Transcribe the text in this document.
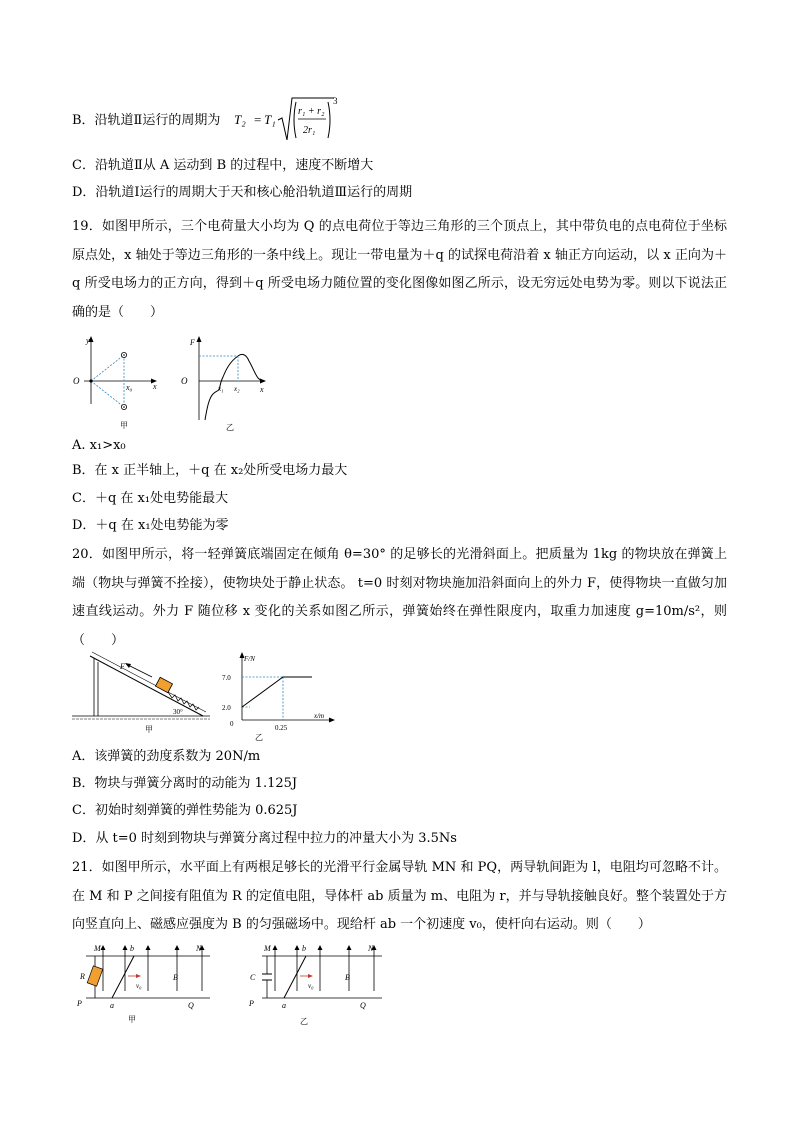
B．沿轨道Ⅱ运行的周期为	T₂ = T₁
r₁ + r₂
2r₁
3
C．沿轨道Ⅱ从 A 运动到 B 的过程中，速度不断增大
D．沿轨道Ⅰ运行的周期大于天和核心舱沿轨道Ⅲ运行的周期
19．如图甲所示，三个电荷量大小均为 Q 的点电荷位于等边三角形的三个顶点上，其中带负电的点电荷位于坐标原点处，x 轴处于等边三角形的一条中线上。现让一带电量为＋q 的试探电荷沿着 x 轴正方向运动，以 x 正向为＋q 所受电场力的正方向，得到＋q 所受电场力随位置的变化图像如图乙所示，设无穷远处电势为零。则以下说法正确的是（　　）
y
x
O
x₀
甲
F
O
x
x₁ x₂
乙
A. x₁>x₀
B．在 x 正半轴上，＋q 在 x₂处所受电场力最大
C．＋q 在 x₁处电势能最大
D．＋q 在 x₁处电势能为零
20．如图甲所示，将一轻弹簧底端固定在倾角 θ=30° 的足够长的光滑斜面上。把质量为 1kg 的物块放在弹簧上端（物块与弹簧不拴接），使物块处于静止状态。 t=0 时刻对物块施加沿斜面向上的外力 F，使得物块一直做匀加速直线运动。外力 F 随位移 x 变化的关系如图乙所示，弹簧始终在弹性限度内，取重力加速度 g=10m/s²，则（　　）
F
30°
甲
F/N
7.0
2.0
0	0.25
x/m
乙
A．该弹簧的劲度系数为 20N/m
B．物块与弹簧分离时的动能为 1.125J
C．初始时刻弹簧的弹性势能为 0.625J
D．从 t=0 时刻到物块与弹簧分离过程中拉力的冲量大小为 3.5Ns
21．如图甲所示，水平面上有两根足够长的光滑平行金属导轨 MN 和 PQ，两导轨间距为 l，电阻均可忽略不计。在 M 和 P 之间接有阻值为 R 的定值电阻，导体杆 ab 质量为 m、电阻为 r，并与导轨接触良好。整个装置处于方向竖直向上、磁感应强度为 B 的匀强磁场中。现给杆 ab 一个初速度 v₀，使杆向右运动。则（　　）
M	b	N
R
v₀
B
P	a	Q
甲
M	b	N
C
v₀
B
P	a	Q
乙
